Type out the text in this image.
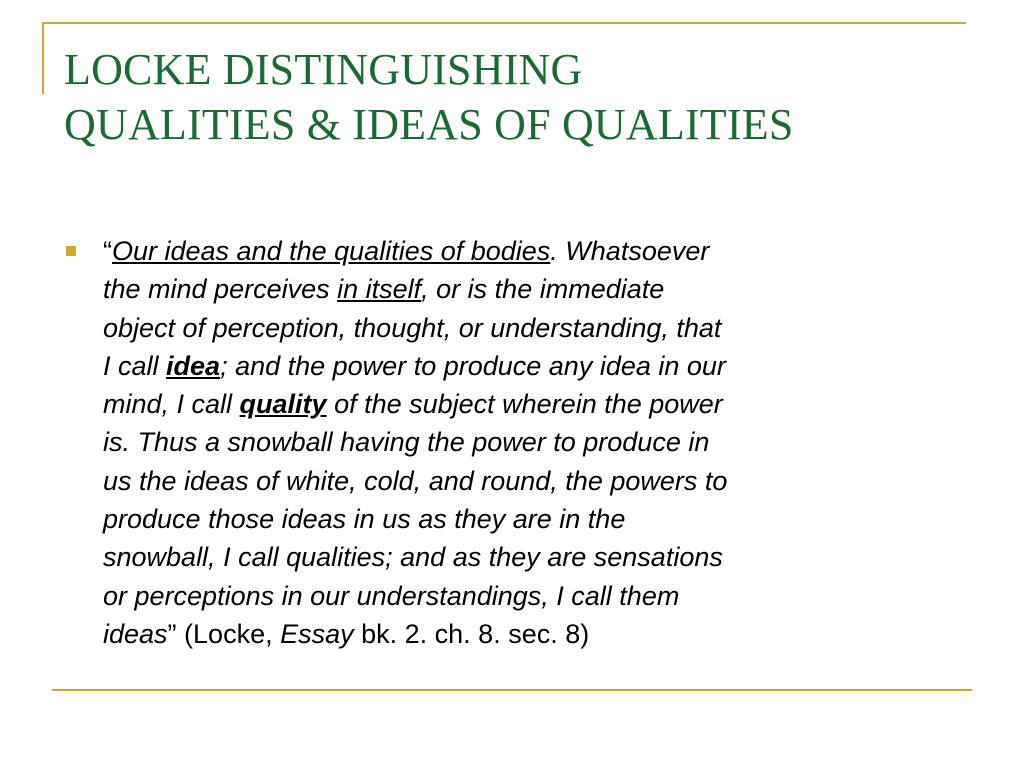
LOCKE DISTINGUISHING
QUALITIES & IDEAS OF QUALITIES
“Our ideas and the qualities of bodies. Whatsoever
the mind perceives in itself, or is the immediate
object of perception, thought, or understanding, that
I call idea; and the power to produce any idea in our
mind, I call quality of the subject wherein the power
is. Thus a snowball having the power to produce in
us the ideas of white, cold, and round, the powers to
produce those ideas in us as they are in the
snowball, I call qualities; and as they are sensations
or perceptions in our understandings, I call them
ideas” (Locke, Essay bk. 2. ch. 8. sec. 8)
